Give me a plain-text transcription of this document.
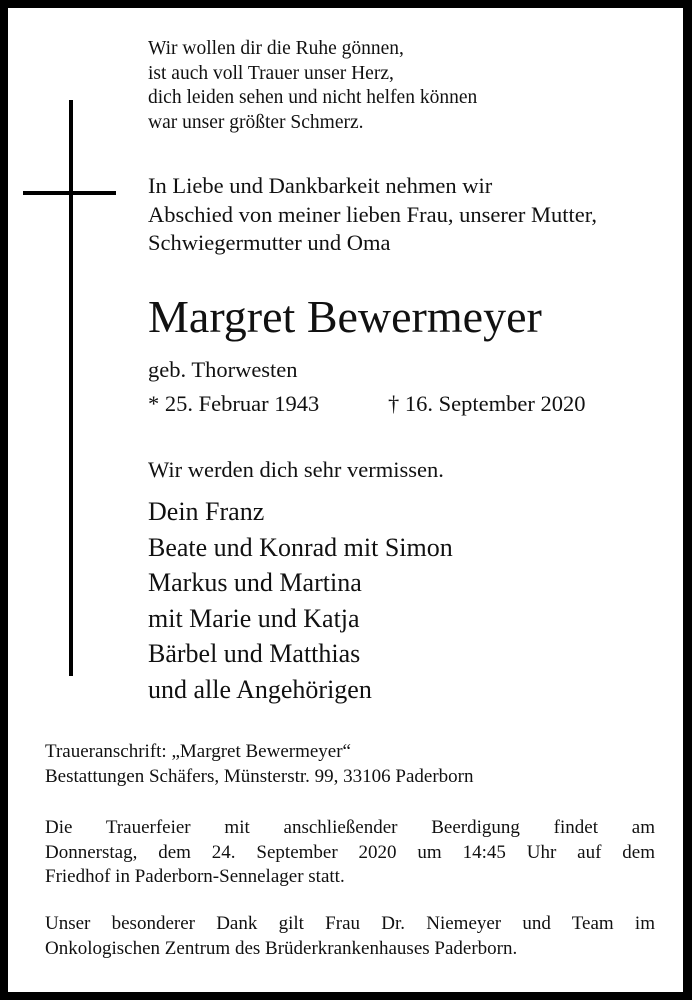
Wir wollen dir die Ruhe gönnen,
ist auch voll Trauer unser Herz,
dich leiden sehen und nicht helfen können
war unser größter Schmerz.
In Liebe und Dankbarkeit nehmen wir
Abschied von meiner lieben Frau, unserer Mutter,
Schwiegermutter und Oma
Margret Bewermeyer
geb. Thorwesten
* 25. Februar 1943	† 16. September 2020
Wir werden dich sehr vermissen.
Dein Franz
Beate und Konrad mit Simon
Markus und Martina
mit Marie und Katja
Bärbel und Matthias
und alle Angehörigen
Traueranschrift: „Margret Bewermeyer“
Bestattungen Schäfers, Münsterstr. 99, 33106 Paderborn
Die Trauerfeier mit anschließender Beerdigung findet am
Donnerstag, dem 24. September 2020 um 14:45 Uhr auf dem
Friedhof in Paderborn-Sennelager statt.
Unser besonderer Dank gilt Frau Dr. Niemeyer und Team im
Onkologischen Zentrum des Brüderkrankenhauses Paderborn.
